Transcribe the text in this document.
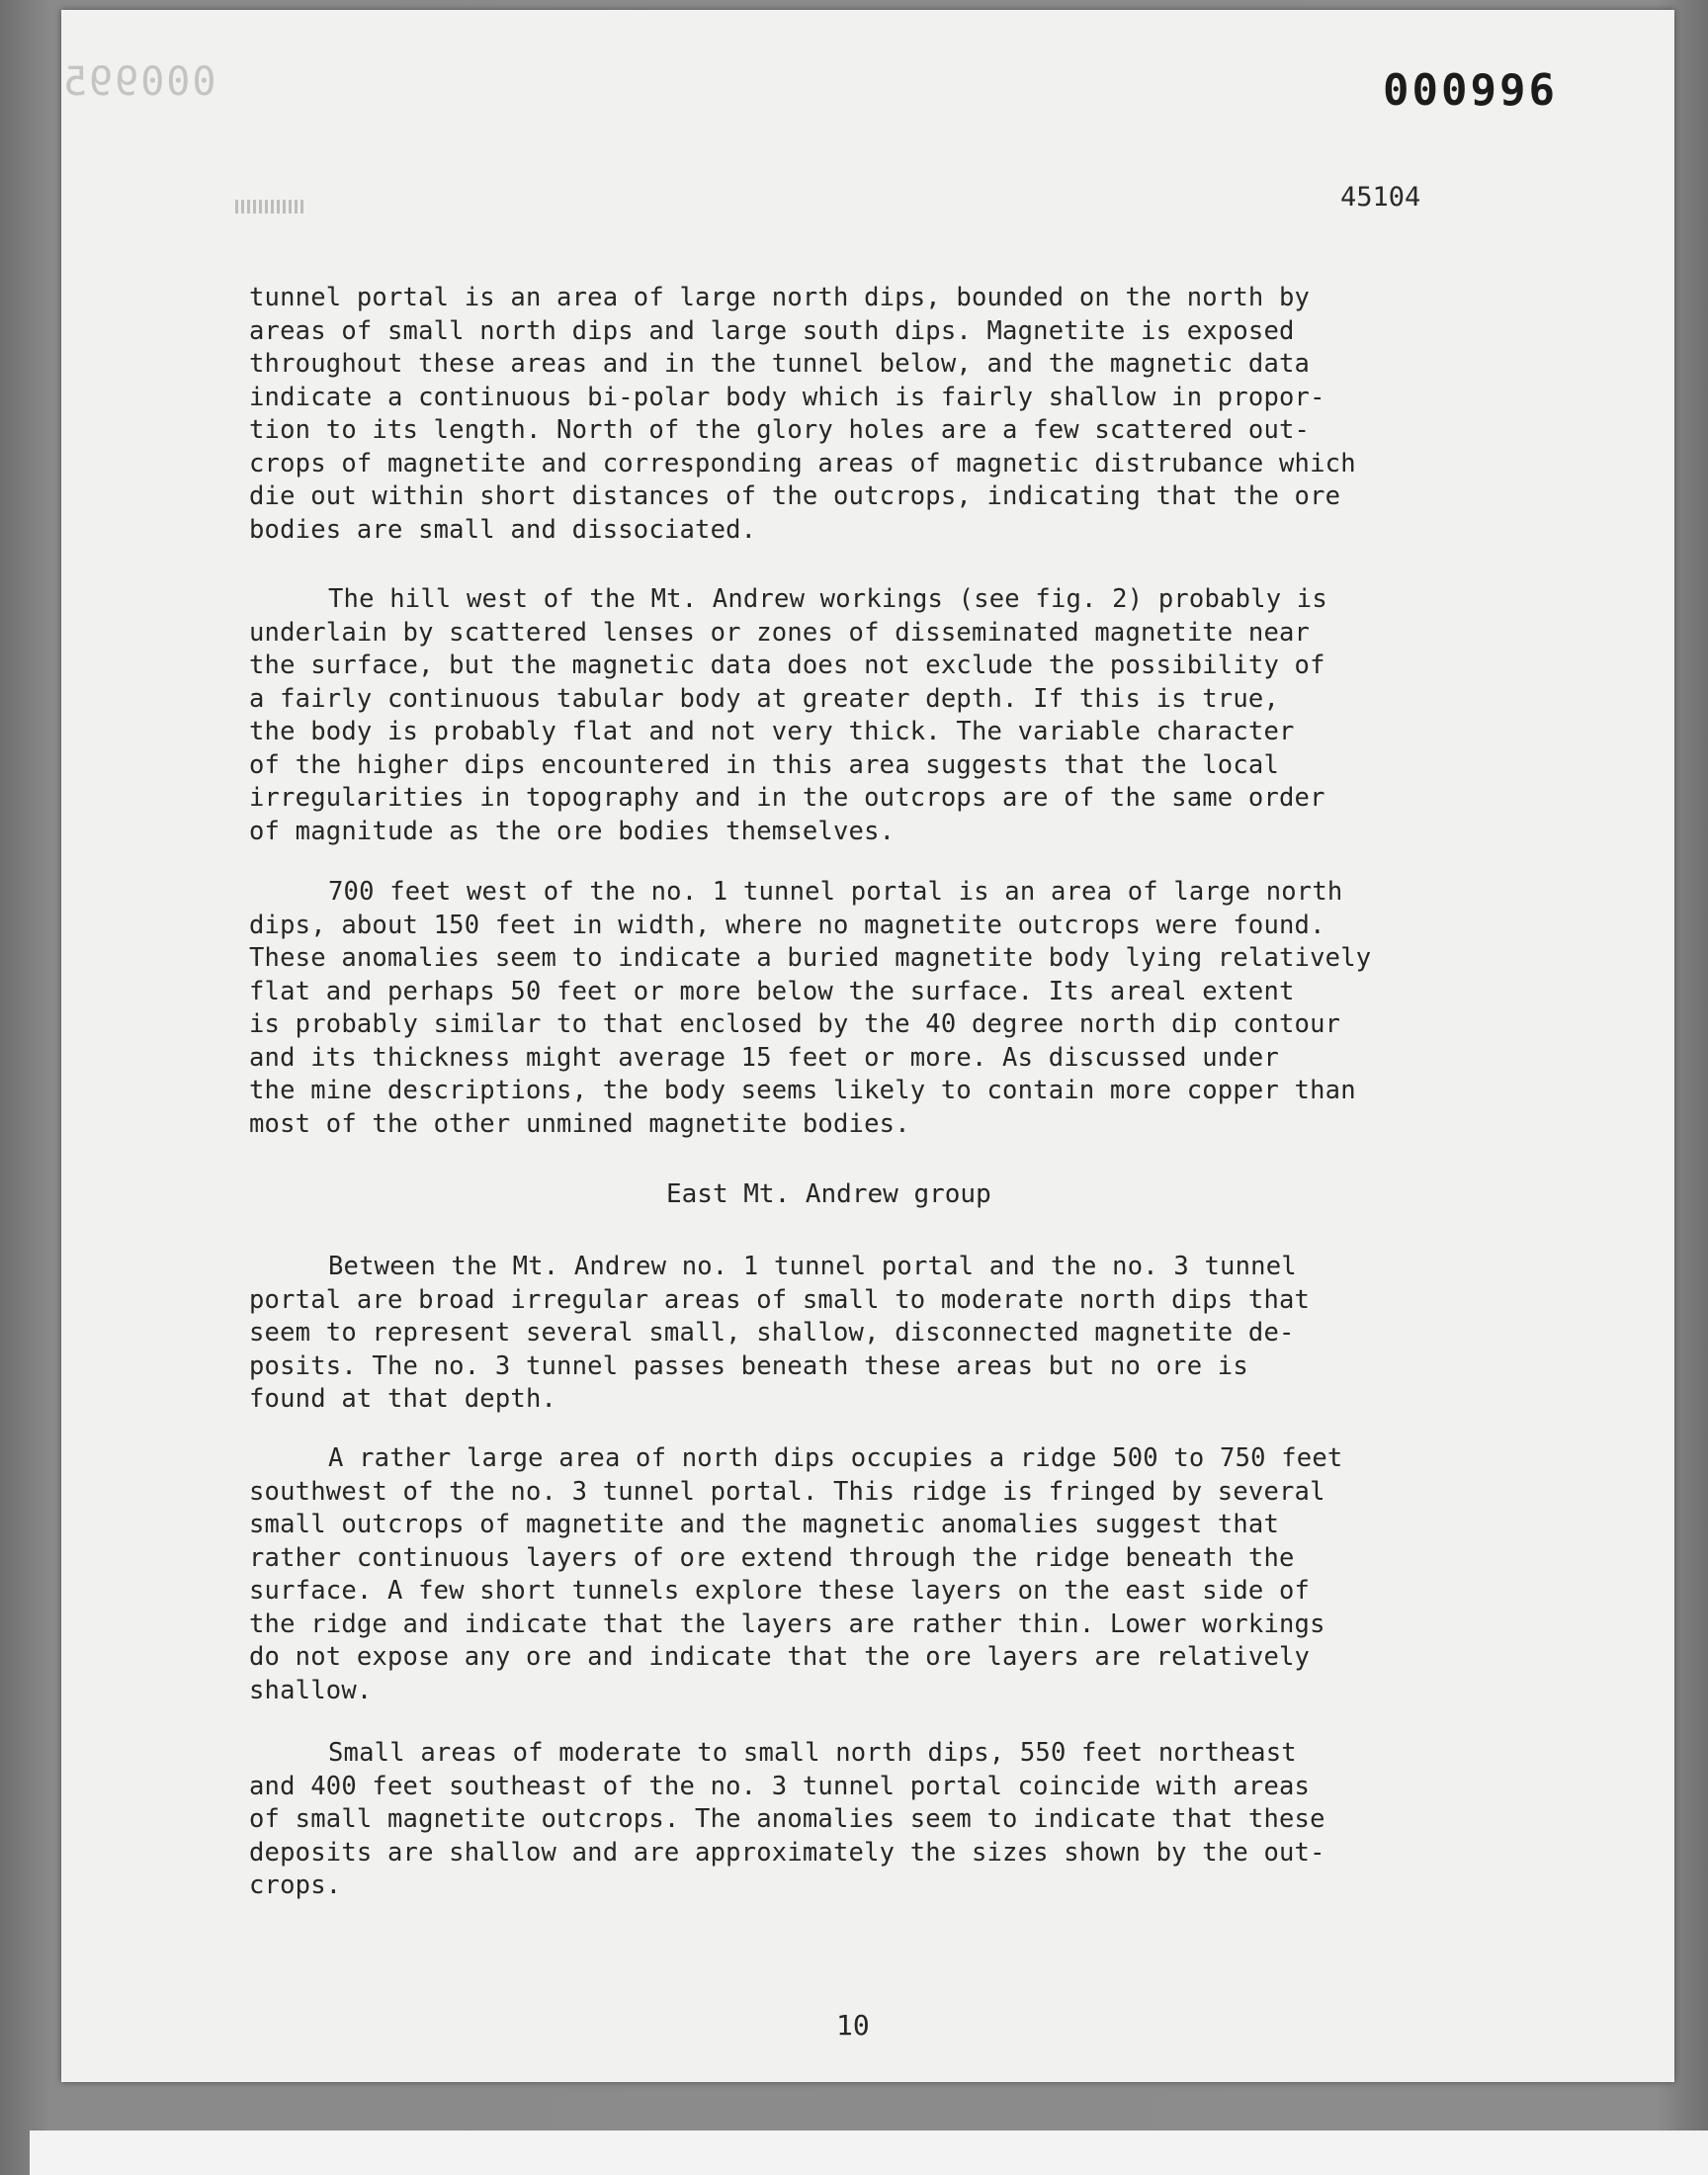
000995	000996
45104
tunnel portal is an area of large north dips, bounded on the north by
areas of small north dips and large south dips. Magnetite is exposed
throughout these areas and in the tunnel below, and the magnetic data
indicate a continuous bi-polar body which is fairly shallow in propor-
tion to its length. North of the glory holes are a few scattered out-
crops of magnetite and corresponding areas of magnetic distrubance which
die out within short distances of the outcrops, indicating that the ore
bodies are small and dissociated.
The hill west of the Mt. Andrew workings (see fig. 2) probably is
underlain by scattered lenses or zones of disseminated magnetite near
the surface, but the magnetic data does not exclude the possibility of
a fairly continuous tabular body at greater depth. If this is true,
the body is probably flat and not very thick. The variable character
of the higher dips encountered in this area suggests that the local
irregularities in topography and in the outcrops are of the same order
of magnitude as the ore bodies themselves.
700 feet west of the no. 1 tunnel portal is an area of large north
dips, about 150 feet in width, where no magnetite outcrops were found.
These anomalies seem to indicate a buried magnetite body lying relatively
flat and perhaps 50 feet or more below the surface. Its areal extent
is probably similar to that enclosed by the 40 degree north dip contour
and its thickness might average 15 feet or more. As discussed under
the mine descriptions, the body seems likely to contain more copper than
most of the other unmined magnetite bodies.
East Mt. Andrew group
Between the Mt. Andrew no. 1 tunnel portal and the no. 3 tunnel
portal are broad irregular areas of small to moderate north dips that
seem to represent several small, shallow, disconnected magnetite de-
posits. The no. 3 tunnel passes beneath these areas but no ore is
found at that depth.
A rather large area of north dips occupies a ridge 500 to 750 feet
southwest of the no. 3 tunnel portal. This ridge is fringed by several
small outcrops of magnetite and the magnetic anomalies suggest that
rather continuous layers of ore extend through the ridge beneath the
surface. A few short tunnels explore these layers on the east side of
the ridge and indicate that the layers are rather thin. Lower workings
do not expose any ore and indicate that the ore layers are relatively
shallow.
Small areas of moderate to small north dips, 550 feet northeast
and 400 feet southeast of the no. 3 tunnel portal coincide with areas
of small magnetite outcrops. The anomalies seem to indicate that these
deposits are shallow and are approximately the sizes shown by the out-
crops.
10
